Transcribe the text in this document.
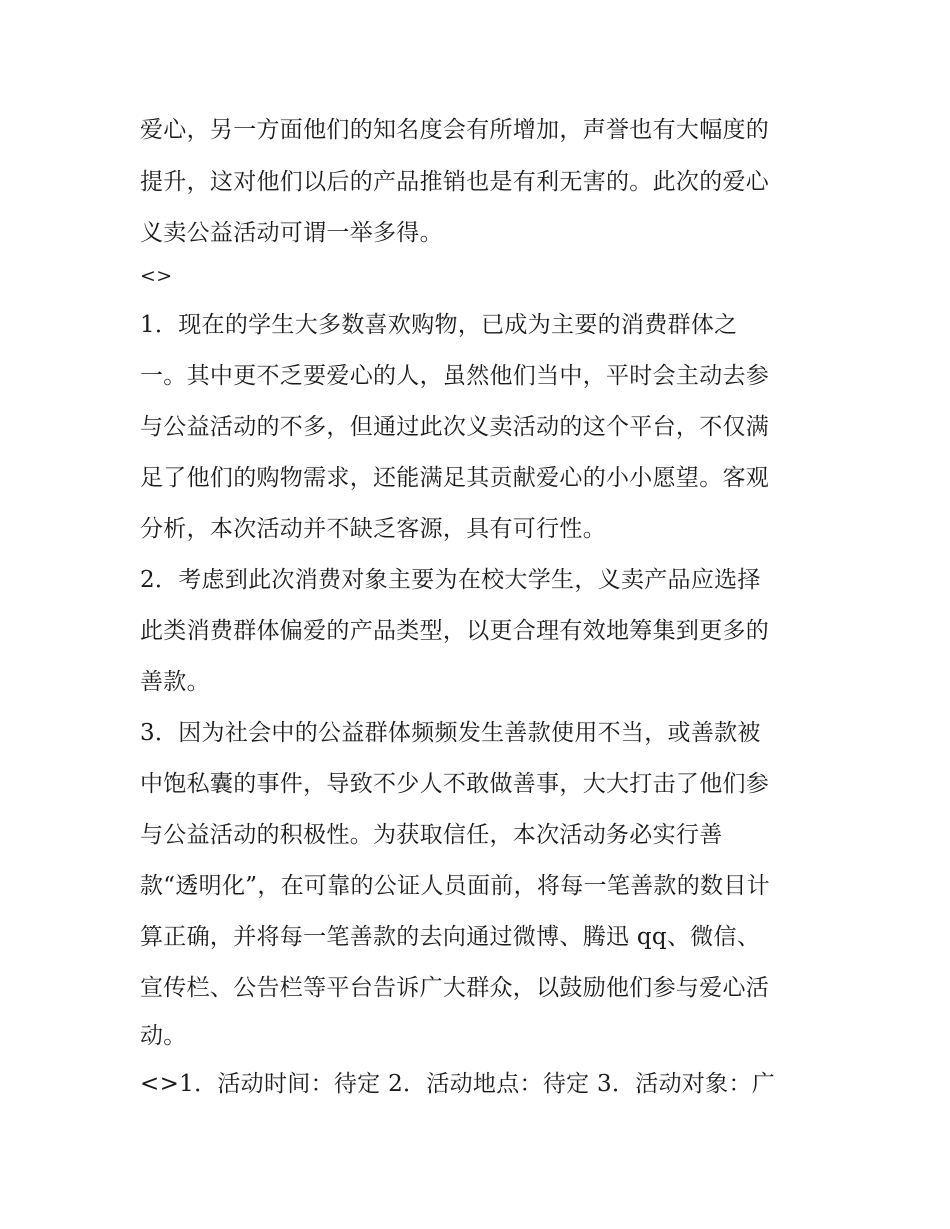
爱心，另一方面他们的知名度会有所增加，声誉也有大幅度的
提升，这对他们以后的产品推销也是有利无害的。此次的爱心
义卖公益活动可谓一举多得。
<>
1．现在的学生大多数喜欢购物，已成为主要的消费群体之
一。其中更不乏要爱心的人，虽然他们当中，平时会主动去参
与公益活动的不多，但通过此次义卖活动的这个平台，不仅满
足了他们的购物需求，还能满足其贡献爱心的小小愿望。客观
分析，本次活动并不缺乏客源，具有可行性。
2．考虑到此次消费对象主要为在校大学生，义卖产品应选择
此类消费群体偏爱的产品类型，以更合理有效地筹集到更多的
善款。
3．因为社会中的公益群体频频发生善款使用不当，或善款被
中饱私囊的事件，导致不少人不敢做善事，大大打击了他们参
与公益活动的积极性。为获取信任，本次活动务必实行善
款“透明化”，在可靠的公证人员面前，将每一笔善款的数目计
算正确，并将每一笔善款的去向通过微博、腾迅 qq、微信、
宣传栏、公告栏等平台告诉广大群众，以鼓励他们参与爱心活
动。
<>1．活动时间：待定 2．活动地点：待定 3．活动对象：广
